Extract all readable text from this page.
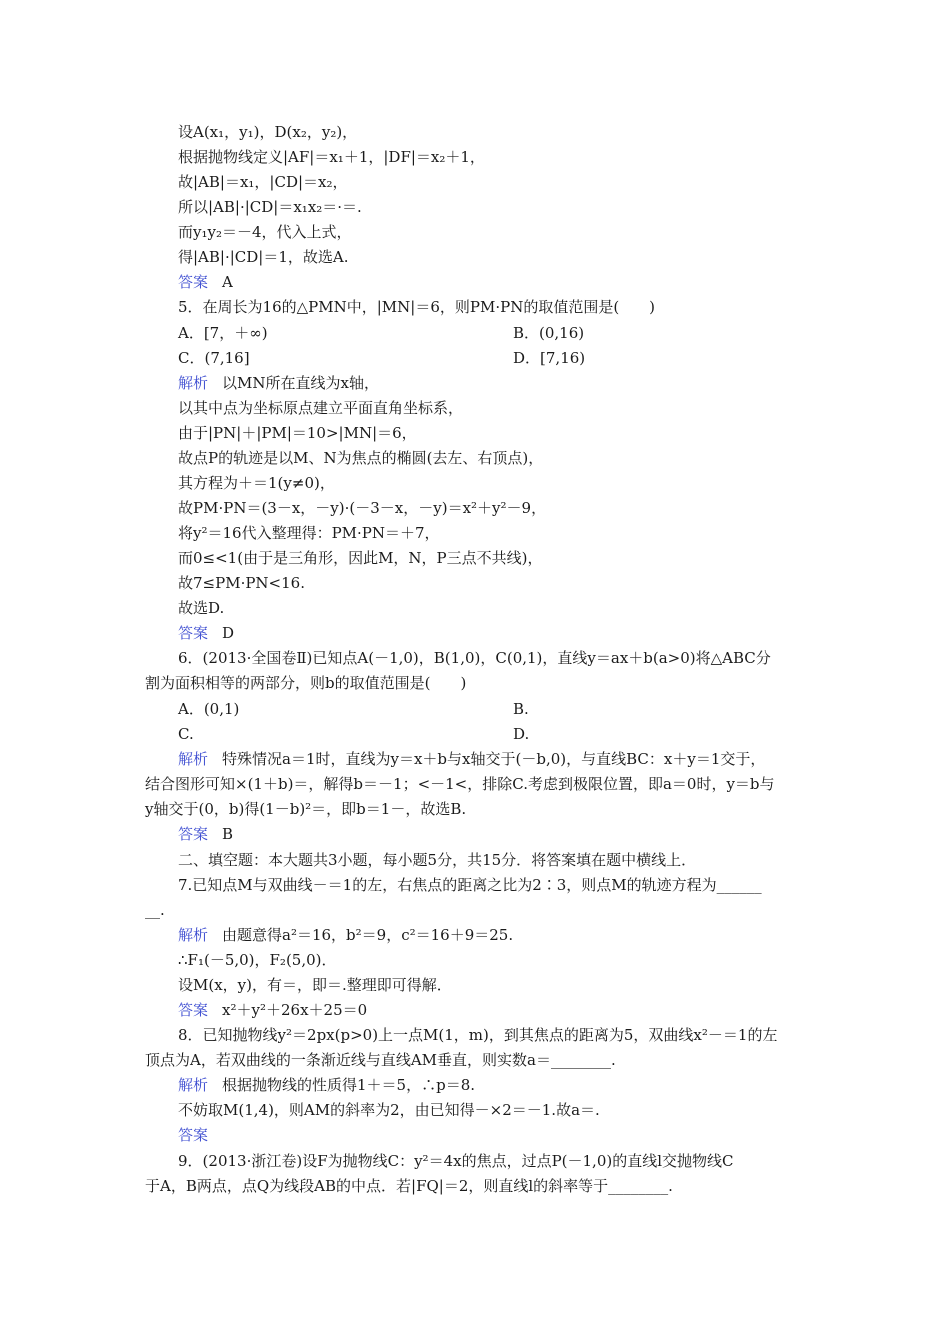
设A(x₁，y₁)，D(x₂，y₂)，
根据抛物线定义|AF|＝x₁＋1，|DF|＝x₂＋1，
故|AB|＝x₁，|CD|＝x₂，
所以|AB|·|CD|＝x₁x₂＝·＝.
而y₁y₂＝－4，代入上式，
得|AB|·|CD|＝1，故选A.
答案 A
5．在周长为16的△PMN中，|MN|＝6，则PM·PN的取值范围是(　　)
A．[7，＋∞)	B．(0,16)
C．(7,16]	D．[7,16)
解析 以MN所在直线为x轴，
以其中点为坐标原点建立平面直角坐标系，
由于|PN|＋|PM|＝10>|MN|＝6，
故点P的轨迹是以M、N为焦点的椭圆(去左、右顶点)，
其方程为＋＝1(y≠0)，
故PM·PN＝(3－x，－y)·(－3－x，－y)＝x²＋y²－9，
将y²＝16代入整理得：PM·PN＝＋7，
而0≤<1(由于是三角形，因此M，N，P三点不共线)，
故7≤PM·PN<16.
故选D.
答案 D
6．(2013·全国卷Ⅱ)已知点A(－1,0)，B(1,0)，C(0,1)，直线y＝ax＋b(a>0)将△ABC分
割为面积相等的两部分，则b的取值范围是(　　)
A．(0,1)	B.
C.	D.
解析 特殊情况a＝1时，直线为y＝x＋b与x轴交于(－b,0)，与直线BC：x＋y＝1交于，
结合图形可知×(1＋b)＝，解得b＝－1；<－1<，排除C.考虑到极限位置，即a＝0时，y＝b与
y轴交于(0，b)得(1－b)²＝，即b＝1－，故选B.
答案 B
二、填空题：本大题共3小题，每小题5分，共15分．将答案填在题中横线上．
7.已知点M与双曲线－＝1的左，右焦点的距离之比为2∶3，则点M的轨迹方程为______
__.
解析 由题意得a²＝16，b²＝9，c²＝16＋9＝25.
∴F₁(－5,0)，F₂(5,0)．
设M(x，y)，有＝，即＝.整理即可得解．
答案 x²＋y²＋26x＋25＝0
8．已知抛物线y²＝2px(p>0)上一点M(1，m)，到其焦点的距离为5，双曲线x²－＝1的左
顶点为A，若双曲线的一条渐近线与直线AM垂直，则实数a＝________.
解析 根据抛物线的性质得1＋＝5，∴p＝8.
不妨取M(1,4)，则AM的斜率为2，由已知得－×2＝－1.故a＝.
答案
9．(2013·浙江卷)设F为抛物线C：y²＝4x的焦点，过点P(－1,0)的直线l交抛物线C
于A，B两点，点Q为线段AB的中点．若|FQ|＝2，则直线l的斜率等于________.
